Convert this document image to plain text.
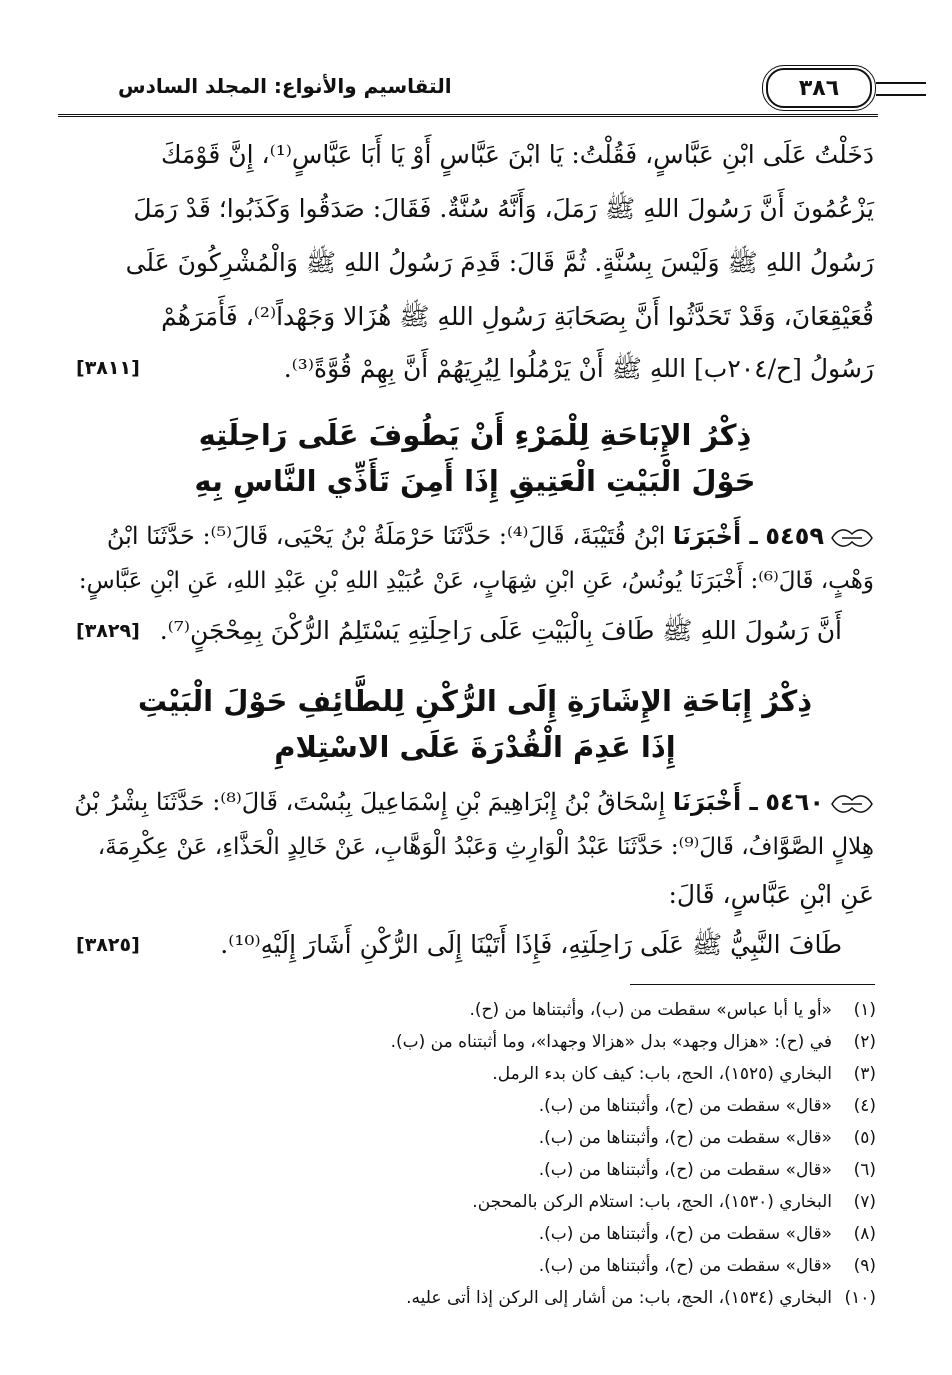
التقاسيم والأنواع: المجلد السادس	٣٨٦
دَخَلْتُ عَلَى ابْنِ عَبَّاسٍ، فَقُلْتُ: يَا ابْنَ عَبَّاسٍ أَوْ يَا أَبَا عَبَّاسٍ⁽¹⁾، إِنَّ قَوْمَكَ
يَزْعُمُونَ أَنَّ رَسُولَ اللهِ ﷺ رَمَلَ، وَأَنَّهُ سُنَّةٌ. فَقَالَ: صَدَقُوا وَكَذَبُوا؛ قَدْ رَمَلَ
رَسُولُ اللهِ ﷺ وَلَيْسَ بِسُنَّةٍ. ثُمَّ قَالَ: قَدِمَ رَسُولُ اللهِ ﷺ وَالْمُشْرِكُونَ عَلَى
قُعَيْقِعَانَ، وَقَدْ تَحَدَّثُوا أَنَّ بِصَحَابَةِ رَسُولِ اللهِ ﷺ هُزَالا وَجَهْداً⁽²⁾، فَأَمَرَهُمْ
رَسُولُ [ح/٢٠٤ب] اللهِ ﷺ أَنْ يَرْمُلُوا لِيُرِيَهُمْ أَنَّ بِهِمْ قُوَّةً⁽³⁾.
[٣٨١١]
ذِكْرُ الإِبَاحَةِ لِلْمَرْءِ أَنْ يَطُوفَ عَلَى رَاحِلَتِهِ
حَوْلَ الْبَيْتِ الْعَتِيقِ إِذَا أَمِنَ تَأَذِّي النَّاسِ بِهِ
٥٤٥٩ ـ أَخْبَرَنَا ابْنُ قُتَيْبَةَ، قَالَ⁽⁴⁾: حَدَّثَنَا حَرْمَلَةُ بْنُ يَحْيَى، قَالَ⁽⁵⁾: حَدَّثَنَا ابْنُ
وَهْبٍ، قَالَ⁽⁶⁾: أَخْبَرَنَا يُونُسُ، عَنِ ابْنِ شِهَابٍ، عَنْ عُبَيْدِ اللهِ بْنِ عَبْدِ اللهِ، عَنِ ابْنِ عَبَّاسٍ:
أَنَّ رَسُولَ اللهِ ﷺ طَافَ بِالْبَيْتِ عَلَى رَاحِلَتِهِ يَسْتَلِمُ الرُّكْنَ بِمِحْجَنٍ⁽⁷⁾.
[٣٨٢٩]
ذِكْرُ إِبَاحَةِ الإِشَارَةِ إِلَى الرُّكْنِ لِلطَّائِفِ حَوْلَ الْبَيْتِ
إِذَا عَدِمَ الْقُدْرَةَ عَلَى الاسْتِلامِ
٥٤٦٠ ـ أَخْبَرَنَا إِسْحَاقُ بْنُ إِبْرَاهِيمَ بْنِ إِسْمَاعِيلَ بِبُسْتَ، قَالَ⁽⁸⁾: حَدَّثَنَا بِشْرُ بْنُ
هِلالٍ الصَّوَّافُ، قَالَ⁽⁹⁾: حَدَّثَنَا عَبْدُ الْوَارِثِ وَعَبْدُ الْوَهَّابِ، عَنْ خَالِدٍ الْحَذَّاءِ، عَنْ عِكْرِمَةَ،
عَنِ ابْنِ عَبَّاسٍ، قَالَ:
طَافَ النَّبِيُّ ﷺ عَلَى رَاحِلَتِهِ، فَإِذَا أَتَيْنَا إِلَى الرُّكْنِ أَشَارَ إِلَيْهِ⁽¹⁰⁾.
[٣٨٢٥]
(١)«أو يا أبا عباس» سقطت من (ب)، وأثبتناها من (ح).
(٢)في (ح): «هزال وجهد» بدل «هزالا وجهدا»، وما أثبتناه من (ب).
(٣)البخاري (١٥٢٥)، الحج، باب: كيف كان بدء الرمل.
(٤)«قال» سقطت من (ح)، وأثبتناها من (ب).
(٥)«قال» سقطت من (ح)، وأثبتناها من (ب).
(٦)«قال» سقطت من (ح)، وأثبتناها من (ب).
(٧)البخاري (١٥٣٠)، الحج، باب: استلام الركن بالمحجن.
(٨)«قال» سقطت من (ح)، وأثبتناها من (ب).
(٩)«قال» سقطت من (ح)، وأثبتناها من (ب).
(١٠)البخاري (١٥٣٤)، الحج، باب: من أشار إلى الركن إذا أتى عليه.
